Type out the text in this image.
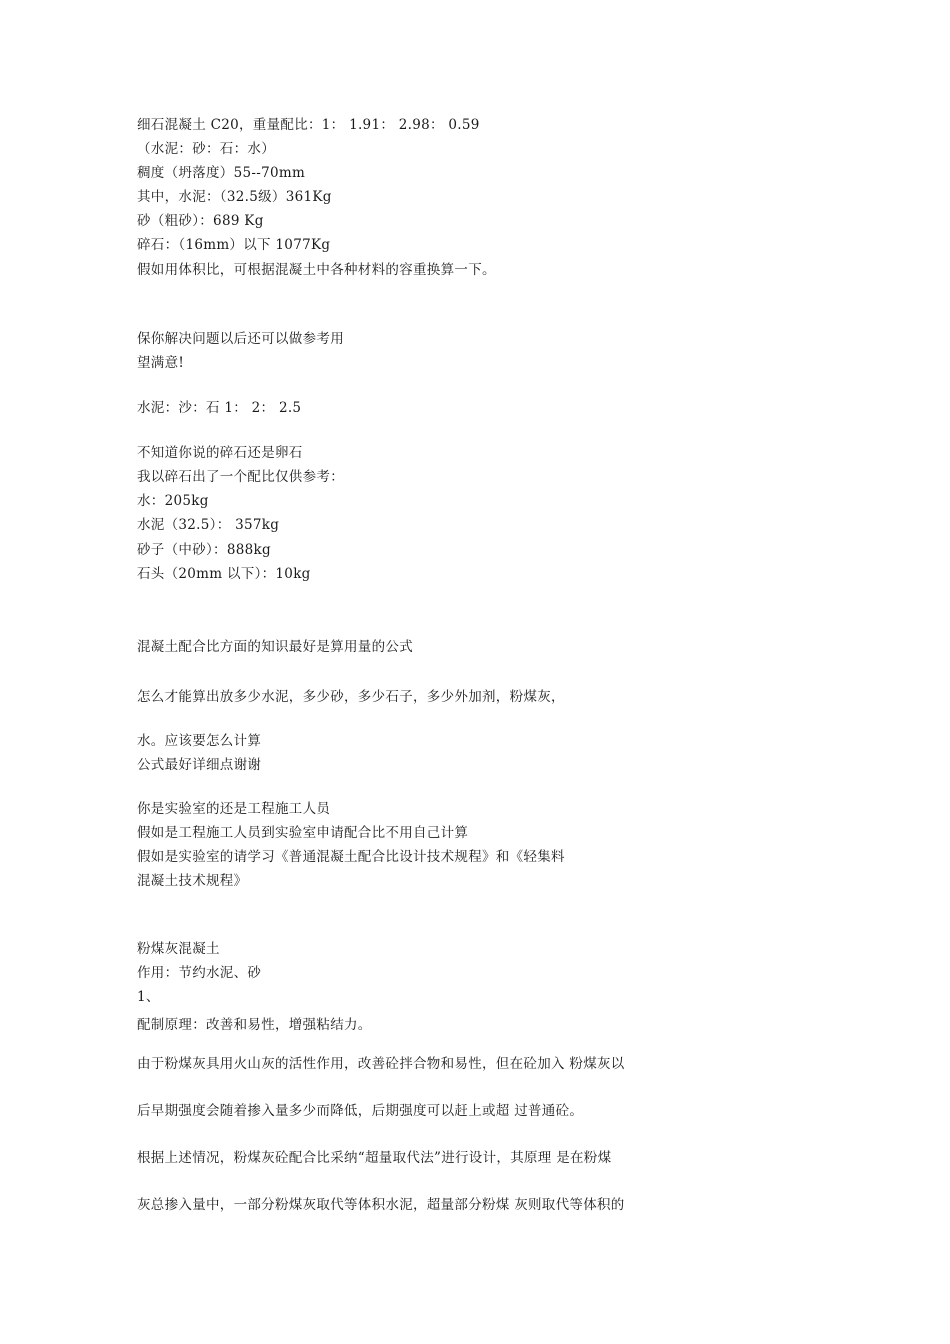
细石混凝土 C20，重量配比：1： 1.91： 2.98： 0.59
（水泥：砂：石：水）
稠度（坍落度）55--70mm
其中，水泥：（32.5级）361Kg
砂（粗砂）：689 Kg
碎石：（16mm）以下 1077Kg
假如用体积比，可根据混凝土中各种材料的容重换算一下。
保你解决问题以后还可以做参考用
望满意!
水泥：沙：石 1： 2： 2.5
不知道你说的碎石还是卵石
我以碎石出了一个配比仅供参考：
水：205kg
水泥（32.5）： 357kg
砂子（中砂）：888kg
石头（20mm 以下）：10kg
混凝土配合比方面的知识最好是算用量的公式
怎么才能算出放多少水泥，多少砂，多少石子，多少外加剂，粉煤灰，
水。应该要怎么计算
公式最好详细点谢谢
你是实验室的还是工程施工人员
假如是工程施工人员到实验室申请配合比不用自己计算
假如是实验室的请学习《普通混凝土配合比设计技术规程》和《轻集料
混凝土技术规程》
粉煤灰混凝土
作用：节约水泥、砂
1、
配制原理：改善和易性，增强粘结力。
由于粉煤灰具用火山灰的活性作用，改善砼拌合物和易性，但在砼加入 粉煤灰以
后早期强度会随着掺入量多少而降低，后期强度可以赶上或超 过普通砼。
根据上述情况，粉煤灰砼配合比采纳“超量取代法”进行设计，其原理 是在粉煤
灰总掺入量中，一部分粉煤灰取代等体积水泥，超量部分粉煤 灰则取代等体积的
